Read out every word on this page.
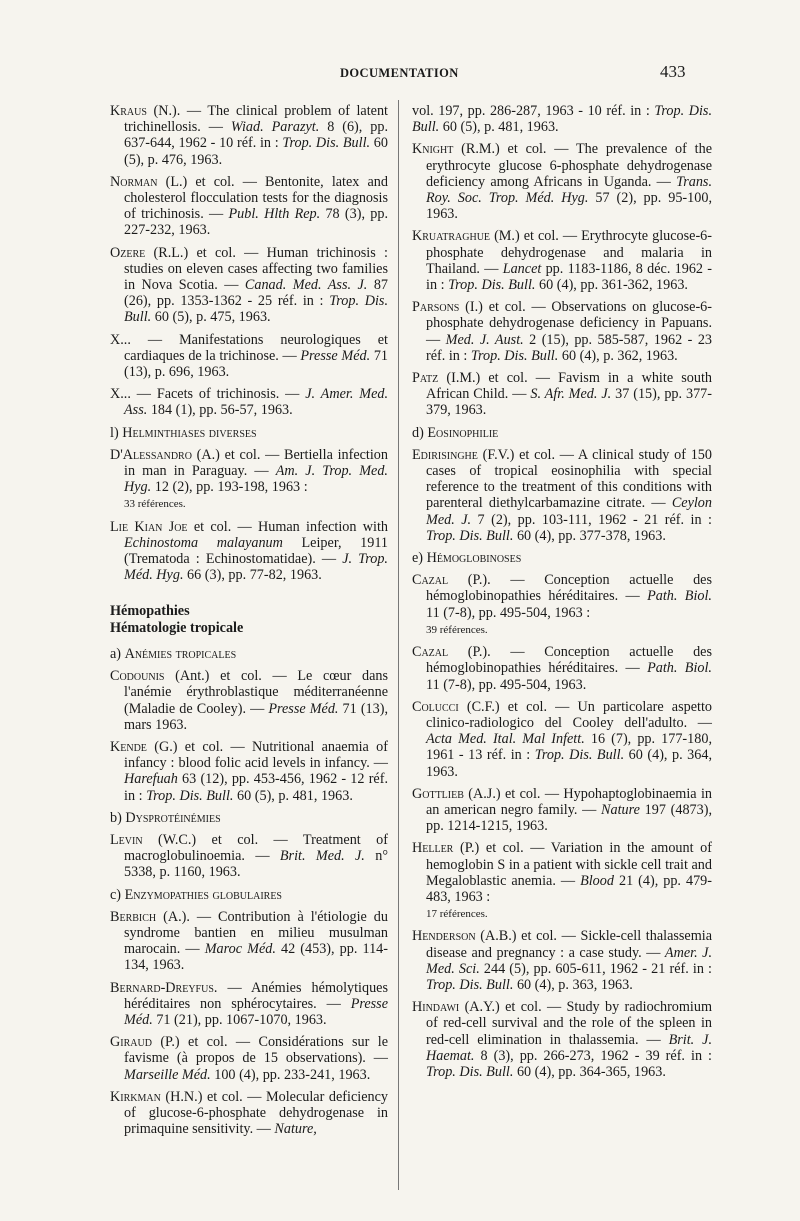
DOCUMENTATION	433

Kraus (N.). — The clinical problem of latent trichinellosis. — Wiad. Parazyt. 8 (6), pp. 637-644, 1962 - 10 réf. in : Trop. Dis. Bull. 60 (5), p. 476, 1963.

Norman (L.) et col. — Bentonite, latex and cholesterol flocculation tests for the diagnosis of trichinosis. — Publ. Hlth Rep. 78 (3), pp. 227-232, 1963.

Ozere (R.L.) et col. — Human trichinosis : studies on eleven cases affecting two families in Nova Scotia. — Canad. Med. Ass. J. 87 (26), pp. 1353-1362 - 25 réf. in : Trop. Dis. Bull. 60 (5), p. 475, 1963.

X... — Manifestations neurologiques et cardiaques de la trichinose. — Presse Méd. 71 (13), p. 696, 1963.

X... — Facets of trichinosis. — J. Amer. Med. Ass. 184 (1), pp. 56-57, 1963.

l) Helminthiases diverses

D'Alessandro (A.) et col. — Bertiella infection in man in Paraguay. — Am. J. Trop. Med. Hyg. 12 (2), pp. 193-198, 1963 :
33 références.

Lie Kian Joe et col. — Human infection with Echinostoma malayanum Leiper, 1911 (Trematoda : Echinostomatidae). — J. Trop. Méd. Hyg. 66 (3), pp. 77-82, 1963.

Hémopathies

Hématologie tropicale

a) Anémies tropicales

Codounis (Ant.) et col. — Le cœur dans l'anémie érythroblastique méditerranéenne (Maladie de Cooley). — Presse Méd. 71 (13), mars 1963.

Kende (G.) et col. — Nutritional anaemia of infancy : blood folic acid levels in infancy. — Harefuah 63 (12), pp. 453-456, 1962 - 12 réf. in : Trop. Dis. Bull. 60 (5), p. 481, 1963.

b) Dysprotéinémies

Levin (W.C.) et col. — Treatment of macroglobulinoemia. — Brit. Med. J. n° 5338, p. 1160, 1963.

c) Enzymopathies globulaires

Berbich (A.). — Contribution à l'étiologie du syndrome bantien en milieu musulman marocain. — Maroc Méd. 42 (453), pp. 114-134, 1963.

Bernard-Dreyfus. — Anémies hémolytiques héréditaires non sphérocytaires. — Presse Méd. 71 (21), pp. 1067-1070, 1963.

Giraud (P.) et col. — Considérations sur le favisme (à propos de 15 observations). — Marseille Méd. 100 (4), pp. 233-241, 1963.

Kirkman (H.N.) et col. — Molecular deficiency of glucose-6-phosphate dehydrogenase in primaquine sensitivity. — Nature,

vol. 197, pp. 286-287, 1963 - 10 réf. in : Trop. Dis. Bull. 60 (5), p. 481, 1963.

Knight (R.M.) et col. — The prevalence of the erythrocyte glucose 6-phosphate dehydrogenase deficiency among Africans in Uganda. — Trans. Roy. Soc. Trop. Méd. Hyg. 57 (2), pp. 95-100, 1963.

Kruatraghue (M.) et col. — Erythrocyte glucose-6-phosphate dehydrogenase and malaria in Thailand. — Lancet pp. 1183-1186, 8 déc. 1962 - in : Trop. Dis. Bull. 60 (4), pp. 361-362, 1963.

Parsons (I.) et col. — Observations on glucose-6-phosphate dehydrogenase deficiency in Papuans. — Med. J. Aust. 2 (15), pp. 585-587, 1962 - 23 réf. in : Trop. Dis. Bull. 60 (4), p. 362, 1963.

Patz (I.M.) et col. — Favism in a white south African Child. — S. Afr. Med. J. 37 (15), pp. 377-379, 1963.

d) Eosinophilie

Edirisinghe (F.V.) et col. — A clinical study of 150 cases of tropical eosinophilia with special reference to the treatment of this conditions with parenteral diethylcarbamazine citrate. — Ceylon Med. J. 7 (2), pp. 103-111, 1962 - 21 réf. in : Trop. Dis. Bull. 60 (4), pp. 377-378, 1963.

e) Hémoglobinoses

Cazal (P.). — Conception actuelle des hémoglobinopathies héréditaires. — Path. Biol. 11 (7-8), pp. 495-504, 1963 :
39 références.

Cazal (P.). — Conception actuelle des hémoglobinopathies héréditaires. — Path. Biol. 11 (7-8), pp. 495-504, 1963.

Colucci (C.F.) et col. — Un particolare aspetto clinico-radiologico del Cooley dell'adulto. — Acta Med. Ital. Mal Infett. 16 (7), pp. 177-180, 1961 - 13 réf. in : Trop. Dis. Bull. 60 (4), p. 364, 1963.

Gottlieb (A.J.) et col. — Hypohaptoglobinaemia in an american negro family. — Nature 197 (4873), pp. 1214-1215, 1963.

Heller (P.) et col. — Variation in the amount of hemoglobin S in a patient with sickle cell trait and Megaloblastic anemia. — Blood 21 (4), pp. 479-483, 1963 :
17 références.

Henderson (A.B.) et col. — Sickle-cell thalassemia disease and pregnancy : a case study. — Amer. J. Med. Sci. 244 (5), pp. 605-611, 1962 - 21 réf. in : Trop. Dis. Bull. 60 (4), p. 363, 1963.

Hindawi (A.Y.) et col. — Study by radiochromium of red-cell survival and the role of the spleen in red-cell elimination in thalassemia. — Brit. J. Haemat. 8 (3), pp. 266-273, 1962 - 39 réf. in : Trop. Dis. Bull. 60 (4), pp. 364-365, 1963.
